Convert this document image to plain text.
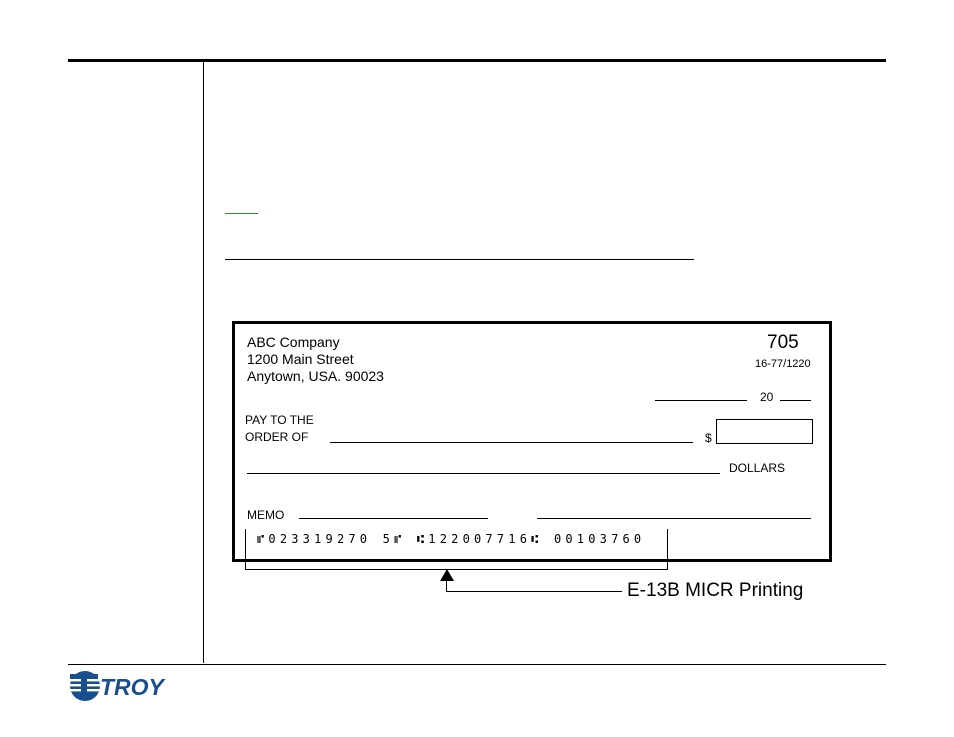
ABC Company
1200 Main Street
Anytown, USA. 90023
705
16-77/1220
20
PAY TO THE
ORDER OF	$
DOLLARS
MEMO
⑈023319270 5⑈ ⑆122007716⑆ 00103760
E-13B MICR Printing
TROY
